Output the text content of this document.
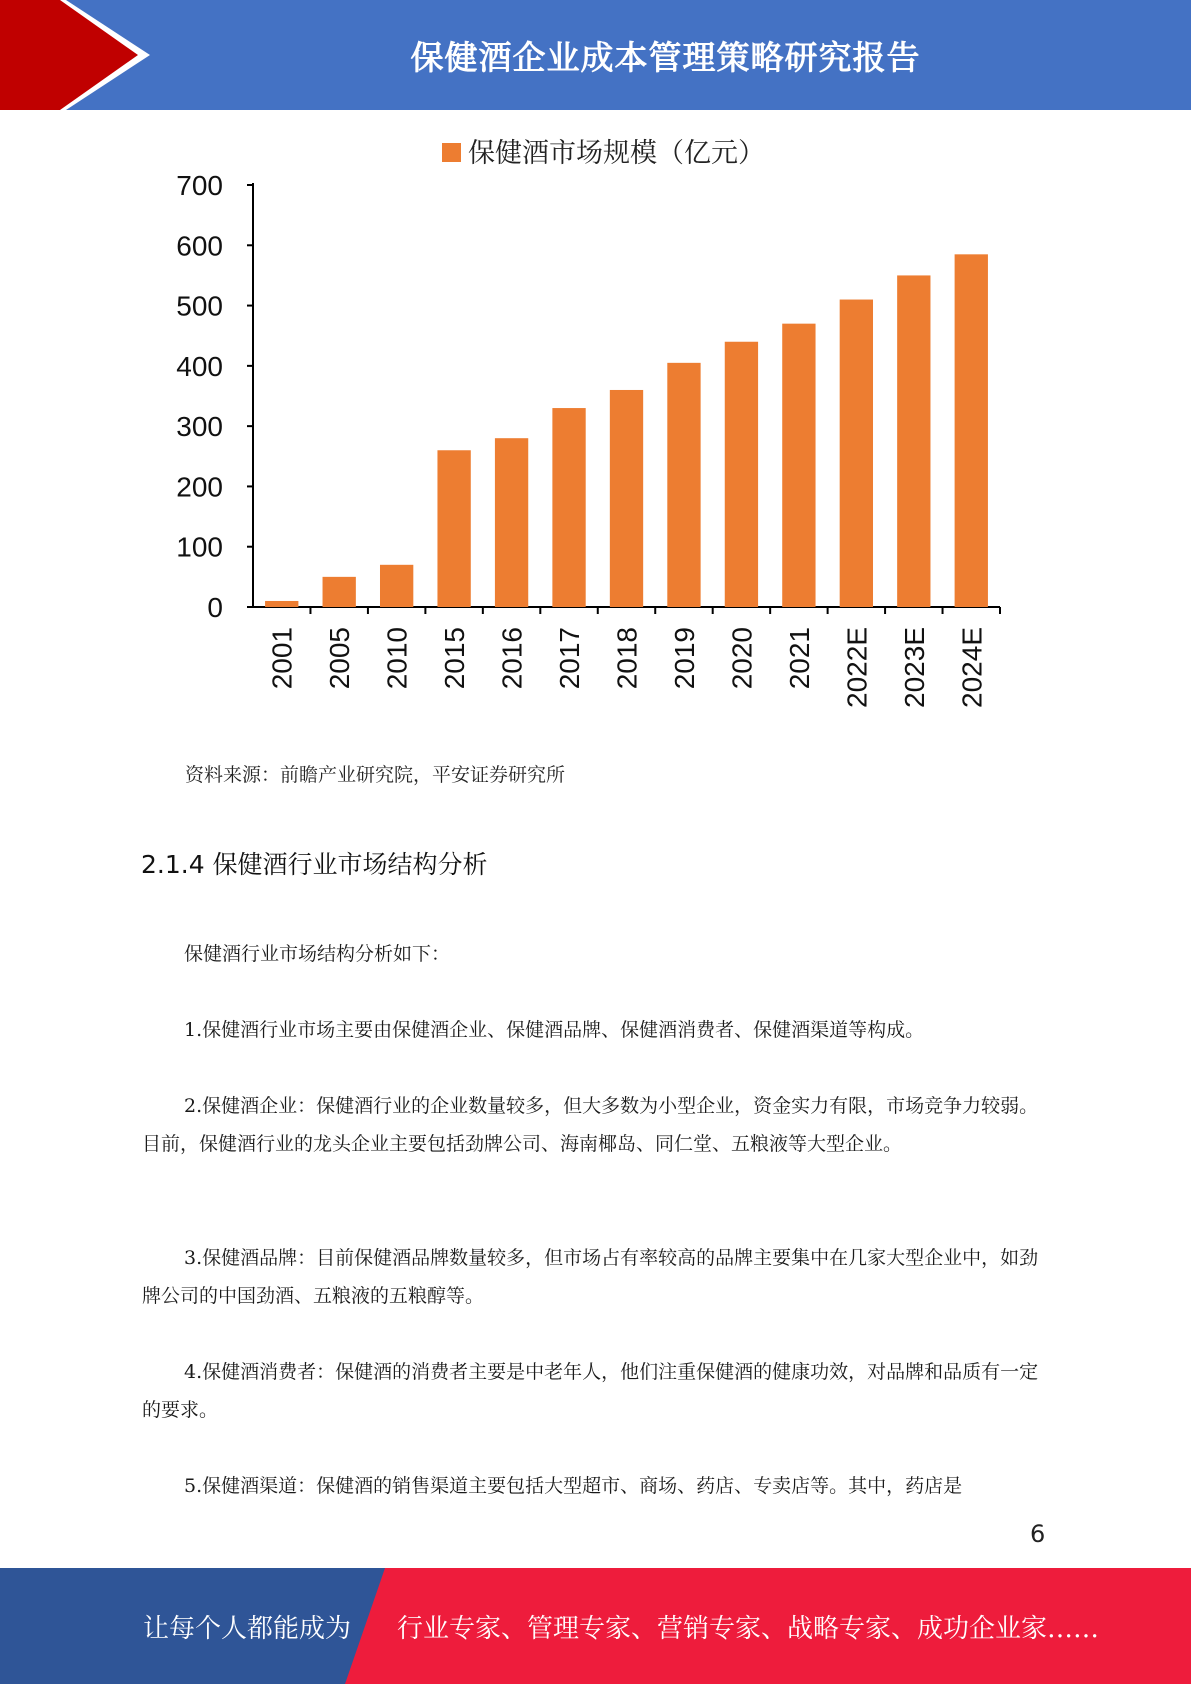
保健酒企业成本管理策略研究报告
保健酒市场规模（亿元）
0
100
200
300
400
500
600
700
2001 2005 2010 2015 2016 2017 2018 2019 2020 2021 2022E 2023E 2024E
资料来源：前瞻产业研究院，平安证券研究所
2.1.4 保健酒行业市场结构分析

保健酒行业市场结构分析如下：

1.保健酒行业市场主要由保健酒企业、保健酒品牌、保健酒消费者、保健酒渠道等构成。

2.保健酒企业：保健酒行业的企业数量较多，但大多数为小型企业，资金实力有限，市场竞争力较弱。目前，保健酒行业的龙头企业主要包括劲牌公司、海南椰岛、同仁堂、五粮液等大型企业。

3.保健酒品牌：目前保健酒品牌数量较多，但市场占有率较高的品牌主要集中在几家大型企业中，如劲牌公司的中国劲酒、五粮液的五粮醇等。

4.保健酒消费者：保健酒的消费者主要是中老年人，他们注重保健酒的健康功效，对品牌和品质有一定的要求。

5.保健酒渠道：保健酒的销售渠道主要包括大型超市、商场、药店、专卖店等。其中，药店是

6
让每个人都能成为 行业专家、管理专家、营销专家、战略专家、成功企业家……
